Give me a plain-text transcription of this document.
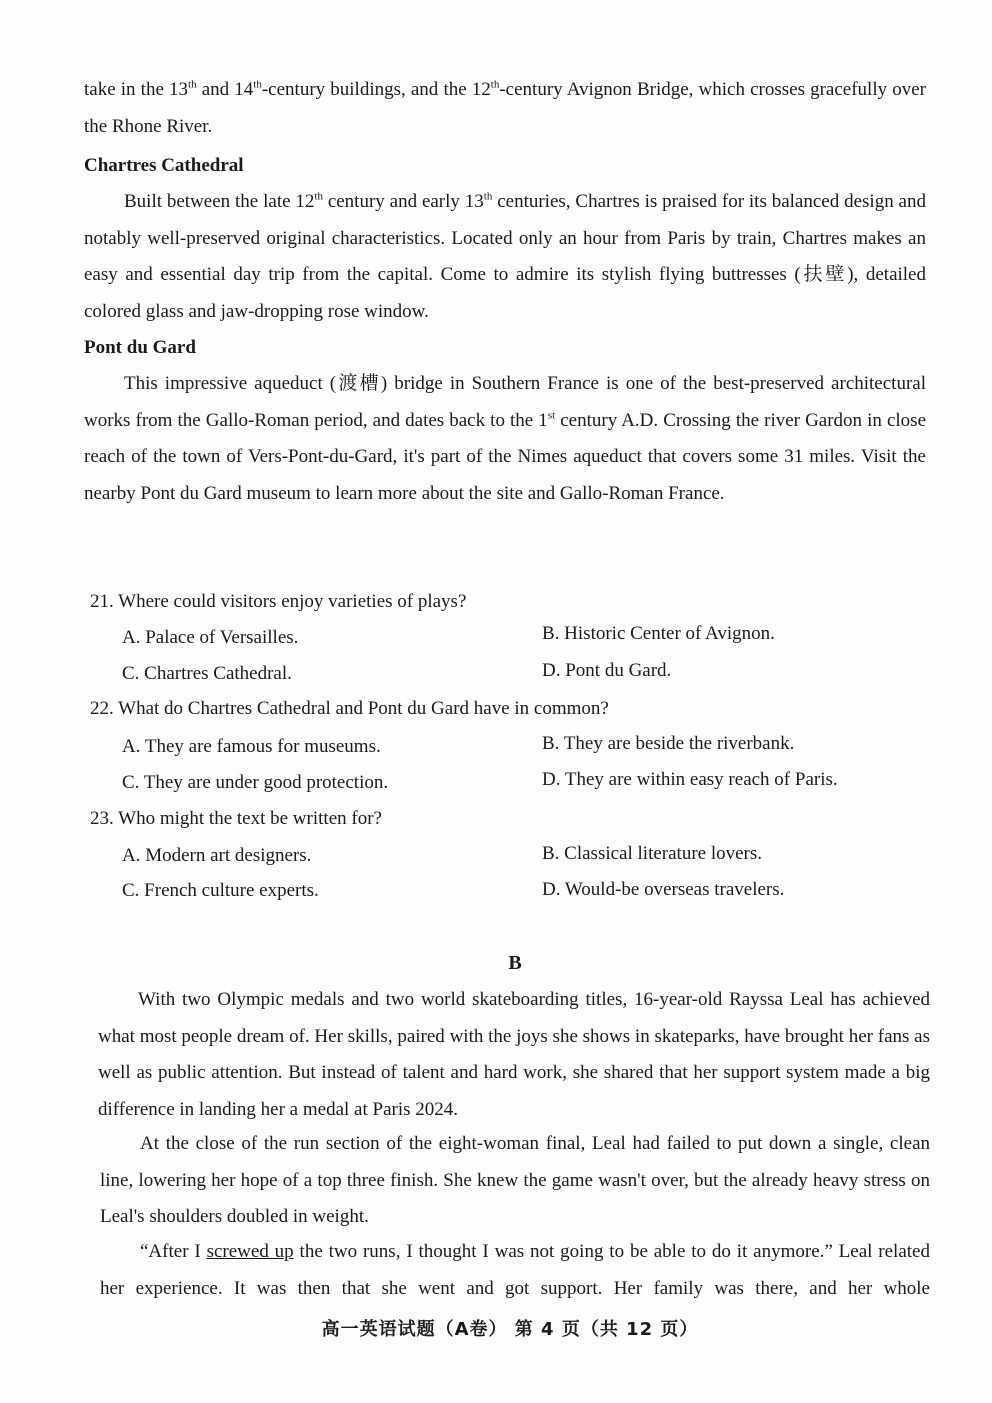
take in the 13th and 14th-century buildings, and the 12th-century Avignon Bridge, which crosses gracefully over the Rhone River.
Chartres Cathedral
Built between the late 12th century and early 13th centuries, Chartres is praised for its balanced design and notably well-preserved original characteristics. Located only an hour from Paris by train, Chartres makes an easy and essential day trip from the capital. Come to admire its stylish flying buttresses (扶壁), detailed colored glass and jaw-dropping rose window.
Pont du Gard
This impressive aqueduct (渡槽) bridge in Southern France is one of the best-preserved architectural works from the Gallo-Roman period, and dates back to the 1st century A.D. Crossing the river Gardon in close reach of the town of Vers-Pont-du-Gard, it's part of the Nimes aqueduct that covers some 31 miles. Visit the nearby Pont du Gard museum to learn more about the site and Gallo-Roman France.
21. Where could visitors enjoy varieties of plays?
A. Palace of Versailles.	B. Historic Center of Avignon.
C. Chartres Cathedral.	D. Pont du Gard.
22. What do Chartres Cathedral and Pont du Gard have in common?
A. They are famous for museums.	B. They are beside the riverbank.
C. They are under good protection.	D. They are within easy reach of Paris.
23. Who might the text be written for?
A. Modern art designers.	B. Classical literature lovers.
C. French culture experts.	D. Would-be overseas travelers.
B
With two Olympic medals and two world skateboarding titles, 16-year-old Rayssa Leal has achieved what most people dream of. Her skills, paired with the joys she shows in skateparks, have brought her fans as well as public attention. But instead of talent and hard work, she shared that her support system made a big difference in landing her a medal at Paris 2024.
At the close of the run section of the eight-woman final, Leal had failed to put down a single, clean line, lowering her hope of a top three finish. She knew the game wasn't over, but the already heavy stress on Leal's shoulders doubled in weight.
“After I screwed up the two runs, I thought I was not going to be able to do it anymore.” Leal related her experience. It was then that she went and got support. Her family was there, and her whole
高一英语试题（A卷） 第 4 页（共 12 页）
